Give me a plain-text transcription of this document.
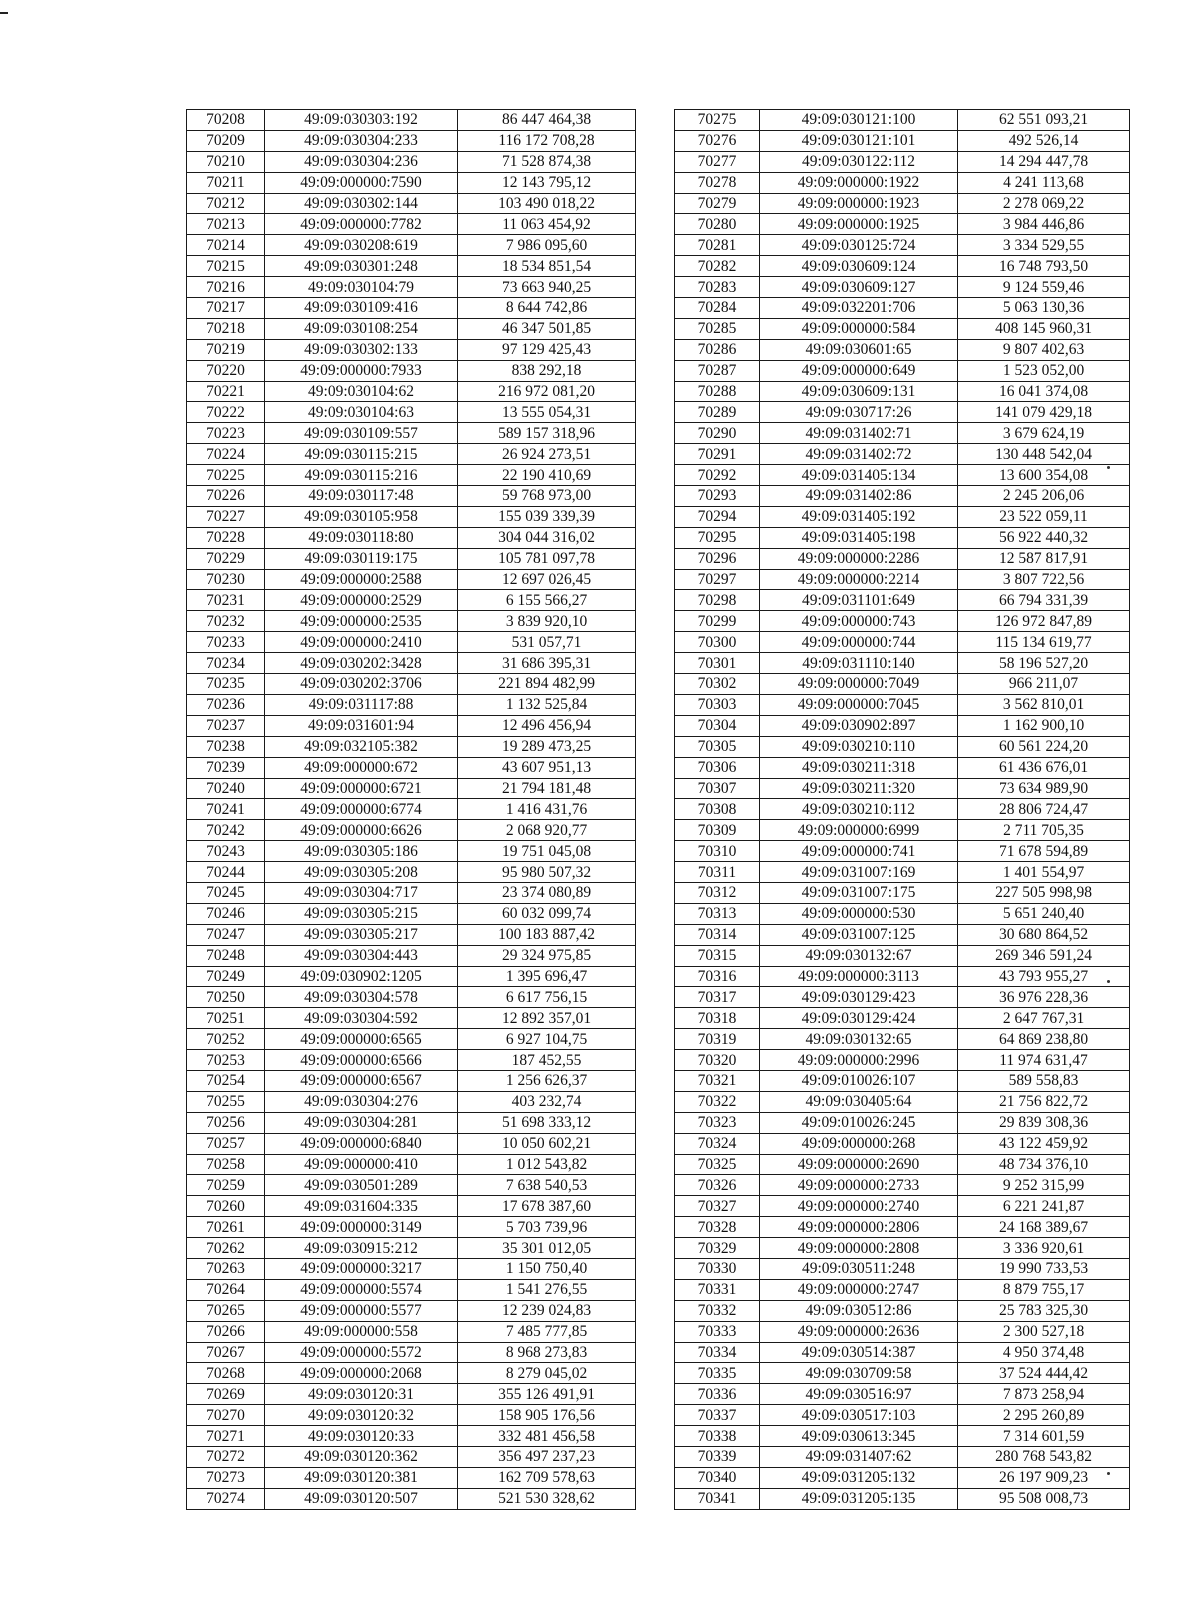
70208	49:09:030303:192	86 447 464,38
70209	49:09:030304:233	116 172 708,28
70210	49:09:030304:236	71 528 874,38
70211	49:09:000000:7590	12 143 795,12
70212	49:09:030302:144	103 490 018,22
70213	49:09:000000:7782	11 063 454,92
70214	49:09:030208:619	7 986 095,60
70215	49:09:030301:248	18 534 851,54
70216	49:09:030104:79	73 663 940,25
70217	49:09:030109:416	8 644 742,86
70218	49:09:030108:254	46 347 501,85
70219	49:09:030302:133	97 129 425,43
70220	49:09:000000:7933	838 292,18
70221	49:09:030104:62	216 972 081,20
70222	49:09:030104:63	13 555 054,31
70223	49:09:030109:557	589 157 318,96
70224	49:09:030115:215	26 924 273,51
70225	49:09:030115:216	22 190 410,69
70226	49:09:030117:48	59 768 973,00
70227	49:09:030105:958	155 039 339,39
70228	49:09:030118:80	304 044 316,02
70229	49:09:030119:175	105 781 097,78
70230	49:09:000000:2588	12 697 026,45
70231	49:09:000000:2529	6 155 566,27
70232	49:09:000000:2535	3 839 920,10
70233	49:09:000000:2410	531 057,71
70234	49:09:030202:3428	31 686 395,31
70235	49:09:030202:3706	221 894 482,99
70236	49:09:031117:88	1 132 525,84
70237	49:09:031601:94	12 496 456,94
70238	49:09:032105:382	19 289 473,25
70239	49:09:000000:672	43 607 951,13
70240	49:09:000000:6721	21 794 181,48
70241	49:09:000000:6774	1 416 431,76
70242	49:09:000000:6626	2 068 920,77
70243	49:09:030305:186	19 751 045,08
70244	49:09:030305:208	95 980 507,32
70245	49:09:030304:717	23 374 080,89
70246	49:09:030305:215	60 032 099,74
70247	49:09:030305:217	100 183 887,42
70248	49:09:030304:443	29 324 975,85
70249	49:09:030902:1205	1 395 696,47
70250	49:09:030304:578	6 617 756,15
70251	49:09:030304:592	12 892 357,01
70252	49:09:000000:6565	6 927 104,75
70253	49:09:000000:6566	187 452,55
70254	49:09:000000:6567	1 256 626,37
70255	49:09:030304:276	403 232,74
70256	49:09:030304:281	51 698 333,12
70257	49:09:000000:6840	10 050 602,21
70258	49:09:000000:410	1 012 543,82
70259	49:09:030501:289	7 638 540,53
70260	49:09:031604:335	17 678 387,60
70261	49:09:000000:3149	5 703 739,96
70262	49:09:030915:212	35 301 012,05
70263	49:09:000000:3217	1 150 750,40
70264	49:09:000000:5574	1 541 276,55
70265	49:09:000000:5577	12 239 024,83
70266	49:09:000000:558	7 485 777,85
70267	49:09:000000:5572	8 968 273,83
70268	49:09:000000:2068	8 279 045,02
70269	49:09:030120:31	355 126 491,91
70270	49:09:030120:32	158 905 176,56
70271	49:09:030120:33	332 481 456,58
70272	49:09:030120:362	356 497 237,23
70273	49:09:030120:381	162 709 578,63
70274	49:09:030120:507	521 530 328,62
70275	49:09:030121:100	62 551 093,21
70276	49:09:030121:101	492 526,14
70277	49:09:030122:112	14 294 447,78
70278	49:09:000000:1922	4 241 113,68
70279	49:09:000000:1923	2 278 069,22
70280	49:09:000000:1925	3 984 446,86
70281	49:09:030125:724	3 334 529,55
70282	49:09:030609:124	16 748 793,50
70283	49:09:030609:127	9 124 559,46
70284	49:09:032201:706	5 063 130,36
70285	49:09:000000:584	408 145 960,31
70286	49:09:030601:65	9 807 402,63
70287	49:09:000000:649	1 523 052,00
70288	49:09:030609:131	16 041 374,08
70289	49:09:030717:26	141 079 429,18
70290	49:09:031402:71	3 679 624,19
70291	49:09:031402:72	130 448 542,04
70292	49:09:031405:134	13 600 354,08
70293	49:09:031402:86	2 245 206,06
70294	49:09:031405:192	23 522 059,11
70295	49:09:031405:198	56 922 440,32
70296	49:09:000000:2286	12 587 817,91
70297	49:09:000000:2214	3 807 722,56
70298	49:09:031101:649	66 794 331,39
70299	49:09:000000:743	126 972 847,89
70300	49:09:000000:744	115 134 619,77
70301	49:09:031110:140	58 196 527,20
70302	49:09:000000:7049	966 211,07
70303	49:09:000000:7045	3 562 810,01
70304	49:09:030902:897	1 162 900,10
70305	49:09:030210:110	60 561 224,20
70306	49:09:030211:318	61 436 676,01
70307	49:09:030211:320	73 634 989,90
70308	49:09:030210:112	28 806 724,47
70309	49:09:000000:6999	2 711 705,35
70310	49:09:000000:741	71 678 594,89
70311	49:09:031007:169	1 401 554,97
70312	49:09:031007:175	227 505 998,98
70313	49:09:000000:530	5 651 240,40
70314	49:09:031007:125	30 680 864,52
70315	49:09:030132:67	269 346 591,24
70316	49:09:000000:3113	43 793 955,27
70317	49:09:030129:423	36 976 228,36
70318	49:09:030129:424	2 647 767,31
70319	49:09:030132:65	64 869 238,80
70320	49:09:000000:2996	11 974 631,47
70321	49:09:010026:107	589 558,83
70322	49:09:030405:64	21 756 822,72
70323	49:09:010026:245	29 839 308,36
70324	49:09:000000:268	43 122 459,92
70325	49:09:000000:2690	48 734 376,10
70326	49:09:000000:2733	9 252 315,99
70327	49:09:000000:2740	6 221 241,87
70328	49:09:000000:2806	24 168 389,67
70329	49:09:000000:2808	3 336 920,61
70330	49:09:030511:248	19 990 733,53
70331	49:09:000000:2747	8 879 755,17
70332	49:09:030512:86	25 783 325,30
70333	49:09:000000:2636	2 300 527,18
70334	49:09:030514:387	4 950 374,48
70335	49:09:030709:58	37 524 444,42
70336	49:09:030516:97	7 873 258,94
70337	49:09:030517:103	2 295 260,89
70338	49:09:030613:345	7 314 601,59
70339	49:09:031407:62	280 768 543,82
70340	49:09:031205:132	26 197 909,23
70341	49:09:031205:135	95 508 008,73
